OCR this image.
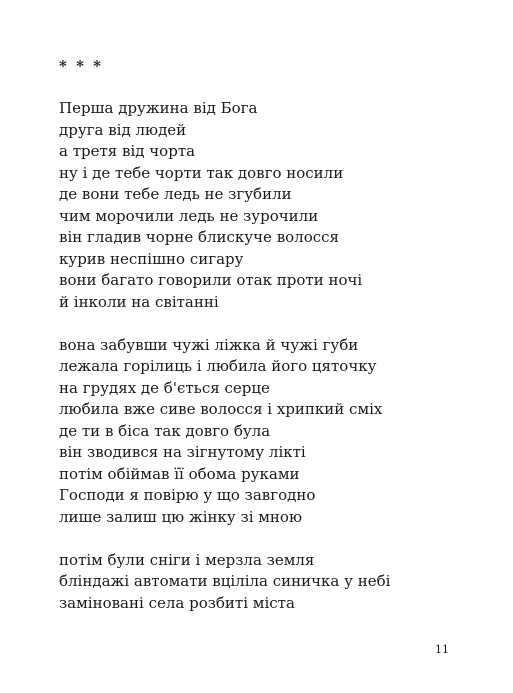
* * *
Перша дружина від Бога
друга від людей
а третя від чорта
ну і де тебе чорти так довго носили
де вони тебе ледь не згубили
чим морочили ледь не зурочили
він гладив чорне блискуче волосся
курив неспішно сигару
вони багато говорили отак проти ночі
й інколи на світанні
вона забувши чужі ліжка й чужі губи
лежала горілиць і любила його цяточку
на грудях де б'ється серце
любила вже сиве волосся і хрипкий сміх
де ти в біса так довго була
він зводився на зігнутому лікті
потім обіймав її обома руками
Господи я повірю у що завгодно
лише залиш цю жінку зі мною
потім були сніги і мерзла земля
бліндажі автомати вціліла синичка у небі
заміновані села розбиті міста
11
